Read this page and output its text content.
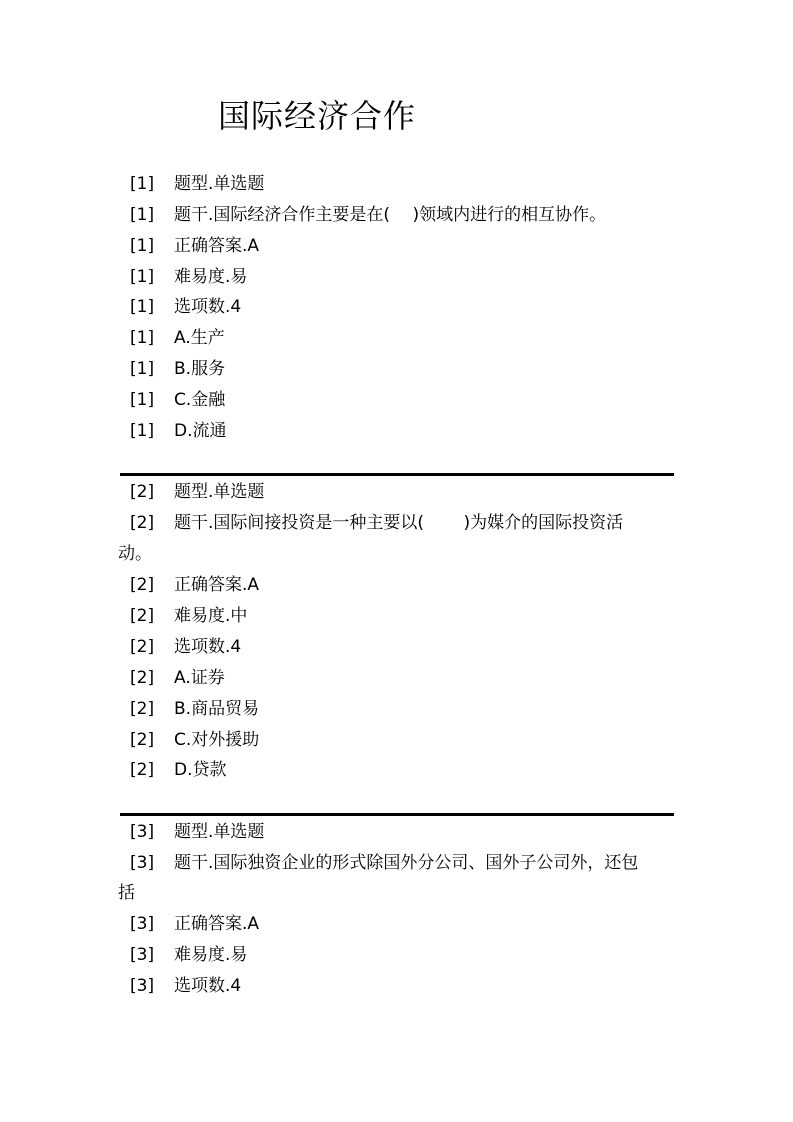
国际经济合作
[1] 题型.单选题
[1] 题干.国际经济合作主要是在(　 )领域内进行的相互协作。
[1] 正确答案.A
[1] 难易度.易
[1] 选项数.4
[1] A.生产
[1] B.服务
[1] C.金融
[1] D.流通
[2] 题型.单选题
[2] 题干.国际间接投资是一种主要以(　　 )为媒介的国际投资活
动。
[2] 正确答案.A
[2] 难易度.中
[2] 选项数.4
[2] A.证券
[2] B.商品贸易
[2] C.对外援助
[2] D.贷款
[3] 题型.单选题
[3] 题干.国际独资企业的形式除国外分公司、国外子公司外，还包
括
[3] 正确答案.A
[3] 难易度.易
[3] 选项数.4
